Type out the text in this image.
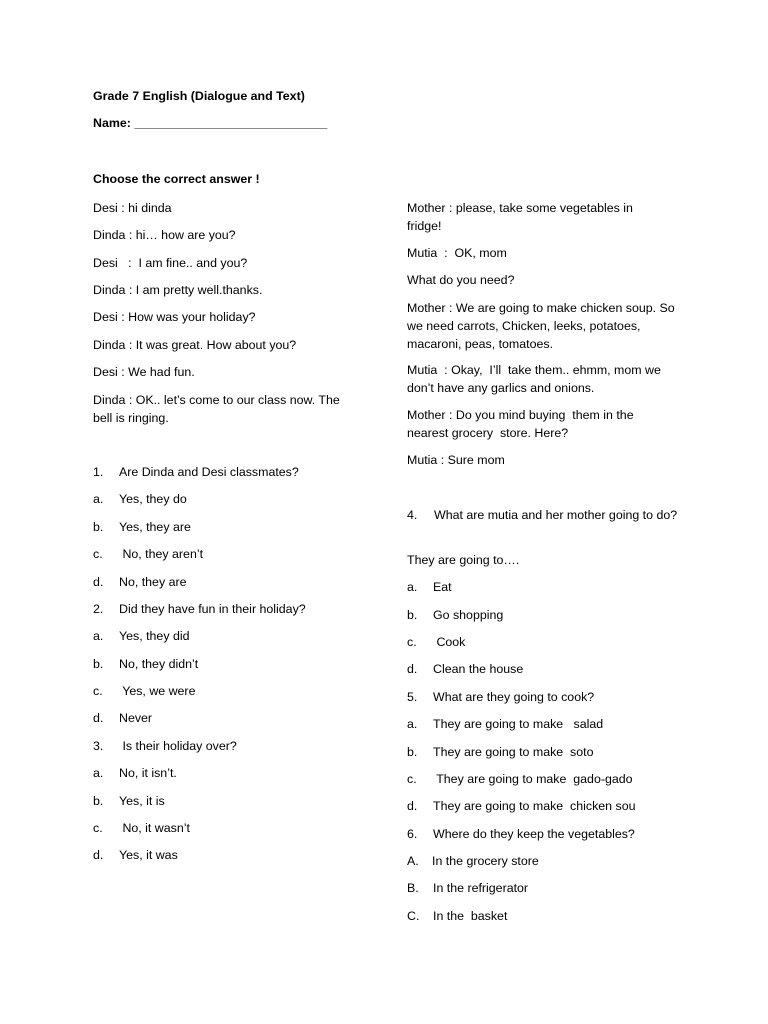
Grade 7 English (Dialogue and Text)

Name: ____________________________

Choose the correct answer !

Desi : hi dinda

Dinda : hi… how are you?

Desi   :  I am fine.. and you?

Dinda : I am pretty well.thanks.

Desi : How was your holiday?

Dinda : It was great. How about you?

Desi : We had fun.

Dinda : OK.. let’s come to our class now. The bell is ringing.

1. Are Dinda and Desi classmates?

a. Yes, they do

b. Yes, they are

c. No, they aren’t

d. No, they are

2. Did they have fun in their holiday?

a. Yes, they did

b. No, they didn’t

c. Yes, we were

d. Never

3. Is their holiday over?

a. No, it isn’t.

b. Yes, it is

c. No, it wasn’t

d. Yes, it was

Mother : please, take some vegetables in fridge!

Mutia  :  OK, mom

What do you need?

Mother : We are going to make chicken soup. So we need carrots, Chicken, leeks, potatoes, macaroni, peas, tomatoes.

Mutia  : Okay,  I’ll  take them.. ehmm, mom we don’t have any garlics and onions.

Mother : Do you mind buying  them in the nearest grocery  store. Here?

Mutia : Sure mom

4. What are mutia and her mother going to do?

They are going to….

a. Eat

b. Go shopping

c. Cook

d. Clean the house

5. What are they going to cook?

a. They are going to make   salad

b. They are going to make  soto

c. They are going to make  gado-gado

d. They are going to make  chicken sou

6. Where do they keep the vegetables?

A. In the grocery store

B. In the refrigerator

C. In the  basket
